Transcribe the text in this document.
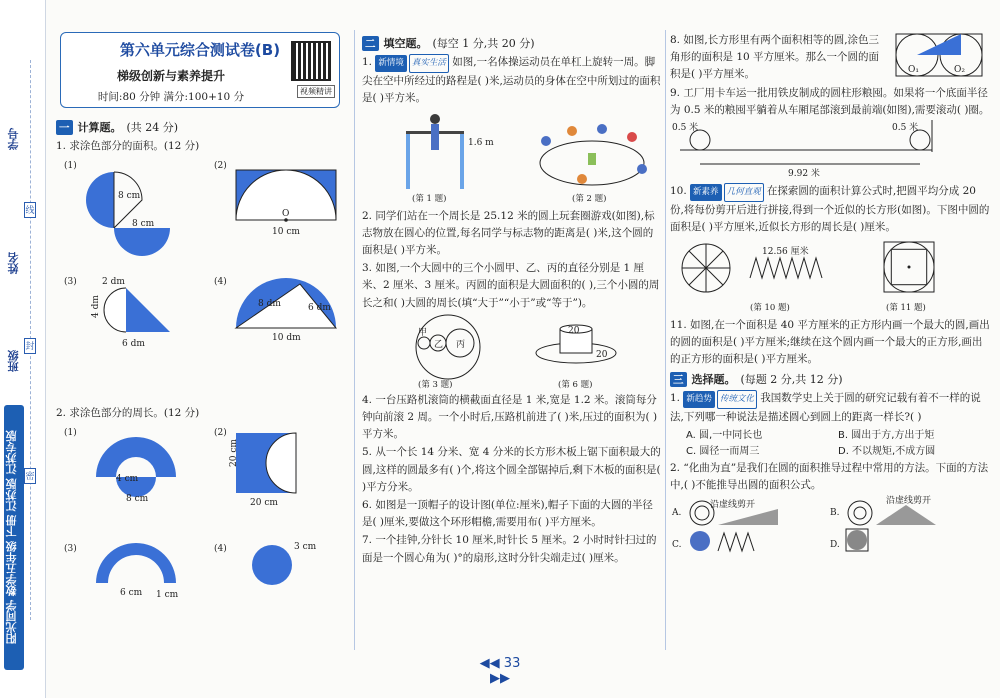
学号
姓名
班级
线
封
密
阳光同学 数学五年级 下册 江苏版 江苏专版
第六单元综合测试卷(B)
梯级创新与素养提升
时间:80 分钟 满分:100+10 分	视频精讲
一 计算题。 (共 24 分)
1. 求涂色部分的面积。(12 分)
(1)
8 cm
8 cm
(2)
O
10 cm
(3)	2 dm
4 dm
6 dm
(4)
8 dm	6 dm
10 dm
2. 求涂色部分的周长。(12 分)
(1)
4 cm
8 cm
(2)
20 cm
20 cm
(3)
6 cm 1 cm
(4)	3 cm
二 填空题。 (每空 1 分,共 20 分)
1. 新情境 真实生活 如图,一名体操运动员在单杠上旋转一周。脚尖在空中所经过的路程是( )米,运动员的身体在空中所划过的面积是( )平方米。
1.6 m
(第 1 题)	(第 2 题)
2. 同学们站在一个周长是 25.12 米的圆上玩套圈游戏(如图),标志物放在圆心的位置,每名同学与标志物的距离是( )米,这个圆的面积是( )平方米。
3. 如图,一个大圆中的三个小圆甲、乙、丙的直径分别是 1 厘米、2 厘米、3 厘米。丙圆的面积是大圆面积的( ),三个小圆的周长之和( )大圆的周长(填“大于”“小于”或“等于”)。
甲
乙 丙
(第 3 题)
20
20
(第 6 题)
4. 一台压路机滚筒的横截面直径是 1 米,宽是 1.2 米。滚筒每分钟向前滚 2 周。一个小时后,压路机前进了( )米,压过的面积为( )平方米。
5. 从一个长 14 分米、宽 4 分米的长方形木板上锯下面积最大的圆,这样的圆最多有( )个,将这个圆全部锯掉后,剩下木板的面积是( )平方分米。
6. 如图是一顶帽子的设计图(单位:厘米),帽子下面的大圆的半径是( )厘米,要做这个环形帽檐,需要用布( )平方厘米。
7. 一个挂钟,分针长 10 厘米,时针长 5 厘米。2 小时时针扫过的面是一个圆心角为( )°的扇形,这时分针尖端走过( )厘米。
8. 如图,长方形里有两个面积相等的圆,涂色三角形的面积是 10 平方厘米。那么一个圆的面积是( )平方厘米。	O₁	O₂
9. 工厂用卡车运一批用铁皮制成的圆柱形粮囤。如果将一个底面半径为 0.5 米的粮囤平躺着从车厢尾部滚到最前端(如图),需要滚动( )圈。
0.5 米	0.5 米
9.92 米
10. 新素养 几何直观 在探索圆的面积计算公式时,把圆平均分成 20 份,将每份剪开后进行拼接,得到一个近似的长方形(如图)。下图中圆的面积是( )平方厘米,近似长方形的周长是( )厘米。
12.56 厘米
(第 10 题)	(第 11 题)
11. 如图,在一个面积是 40 平方厘米的正方形内画一个最大的圆,画出的圆的面积是( )平方厘米;继续在这个圆内画一个最大的正方形,画出的正方形的面积是( )平方厘米。
三 选择题。 (每题 2 分,共 12 分)
1. 新趋势 传统文化 我国数学史上关于圆的研究记载有着不一样的说法,下列哪一种说法是描述圆心到圆上的距离一样长?( )
A. 圆,一中同长也	B. 圆出于方,方出于矩
C. 圆径一而周三	D. 不以规矩,不成方圆
2. “化曲为直”是我们在圆的面积推导过程中常用的方法。下面的方法中,( )不能推导出圆的面积公式。
A.	B.
沿虚线剪开
C.	D.
沿虚线剪开
◀◀ 33 ▶▶
